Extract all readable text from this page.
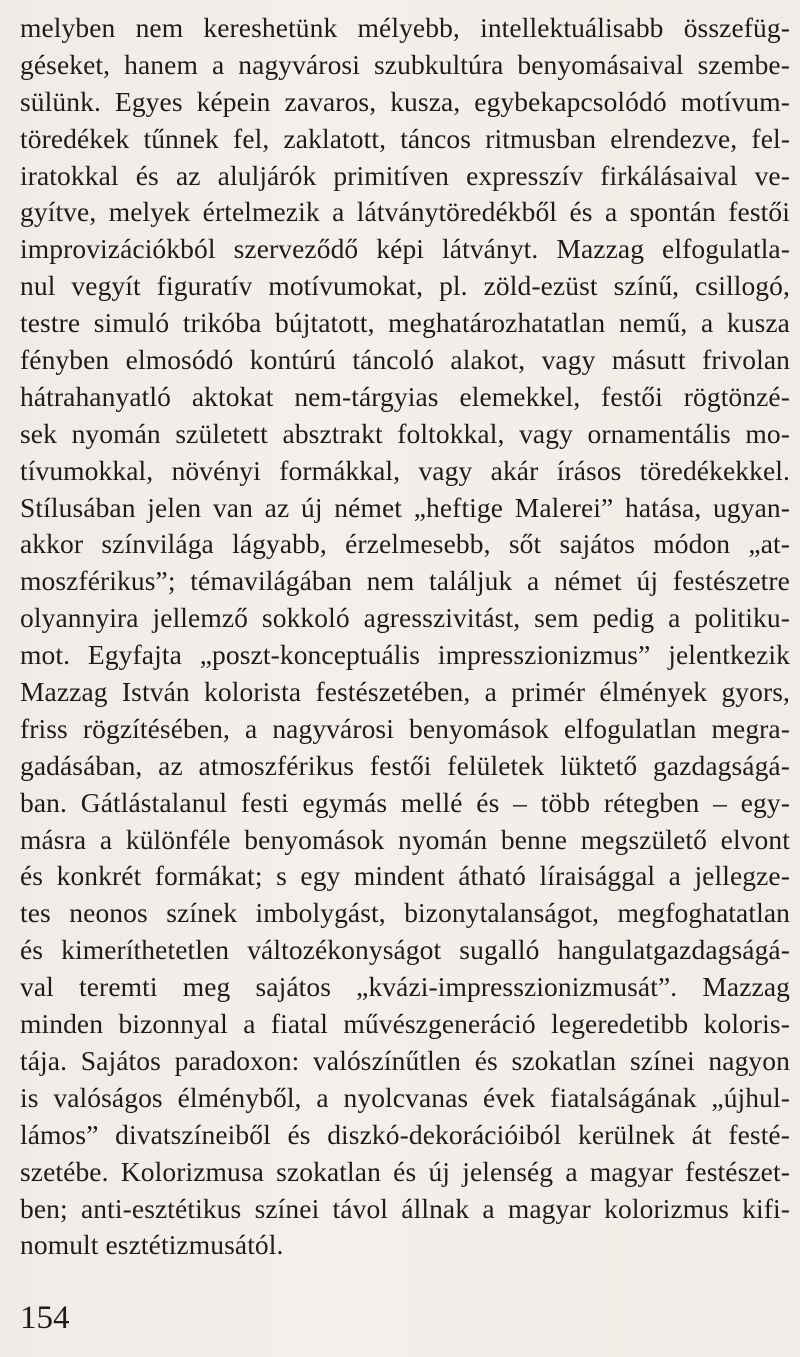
melyben nem kereshetünk mélyebb, intellektuálisabb összefüg-
géseket, hanem a nagyvárosi szubkultúra benyomásaival szembe-
sülünk. Egyes képein zavaros, kusza, egybekapcsolódó motívum-
töredékek tűnnek fel, zaklatott, táncos ritmusban elrendezve, fel-
iratokkal és az aluljárók primitíven expresszív firkálásaival ve-
gyítve, melyek értelmezik a látványtöredékből és a spontán festői
improvizációkból szerveződő képi látványt. Mazzag elfogulatla-
nul vegyít figuratív motívumokat, pl. zöld-ezüst színű, csillogó,
testre simuló trikóba bújtatott, meghatározhatatlan nemű, a kusza
fényben elmosódó kontúrú táncoló alakot, vagy másutt frivolan
hátrahanyatló aktokat nem-tárgyias elemekkel, festői rögtönzé-
sek nyomán született absztrakt foltokkal, vagy ornamentális mo-
tívumokkal, növényi formákkal, vagy akár írásos töredékekkel.
Stílusában jelen van az új német „heftige Malerei” hatása, ugyan-
akkor színvilága lágyabb, érzelmesebb, sőt sajátos módon „at-
moszférikus”; témavilágában nem találjuk a német új festészetre
olyannyira jellemző sokkoló agresszivitást, sem pedig a politiku-
mot. Egyfajta „poszt-konceptuális impresszionizmus” jelentkezik
Mazzag István kolorista festészetében, a primér élmények gyors,
friss rögzítésében, a nagyvárosi benyomások elfogulatlan megra-
gadásában, az atmoszférikus festői felületek lüktető gazdagságá-
ban. Gátlástalanul festi egymás mellé és – több rétegben – egy-
másra a különféle benyomások nyomán benne megszülető elvont
és konkrét formákat; s egy mindent átható líraisággal a jellegze-
tes neonos színek imbolygást, bizonytalanságot, megfoghatatlan
és kimeríthetetlen változékonyságot sugalló hangulatgazdagságá-
val teremti meg sajátos „kvázi-impresszionizmusát”. Mazzag
minden bizonnyal a fiatal művészgeneráció legeredetibb koloris-
tája. Sajátos paradoxon: valószínűtlen és szokatlan színei nagyon
is valóságos élményből, a nyolcvanas évek fiatalságának „újhul-
lámos” divatszíneiből és diszkó-dekorációiból kerülnek át festé-
szetébe. Kolorizmusa szokatlan és új jelenség a magyar festészet-
ben; anti-esztétikus színei távol állnak a magyar kolorizmus kifi-
nomult esztétizmusától.
154
